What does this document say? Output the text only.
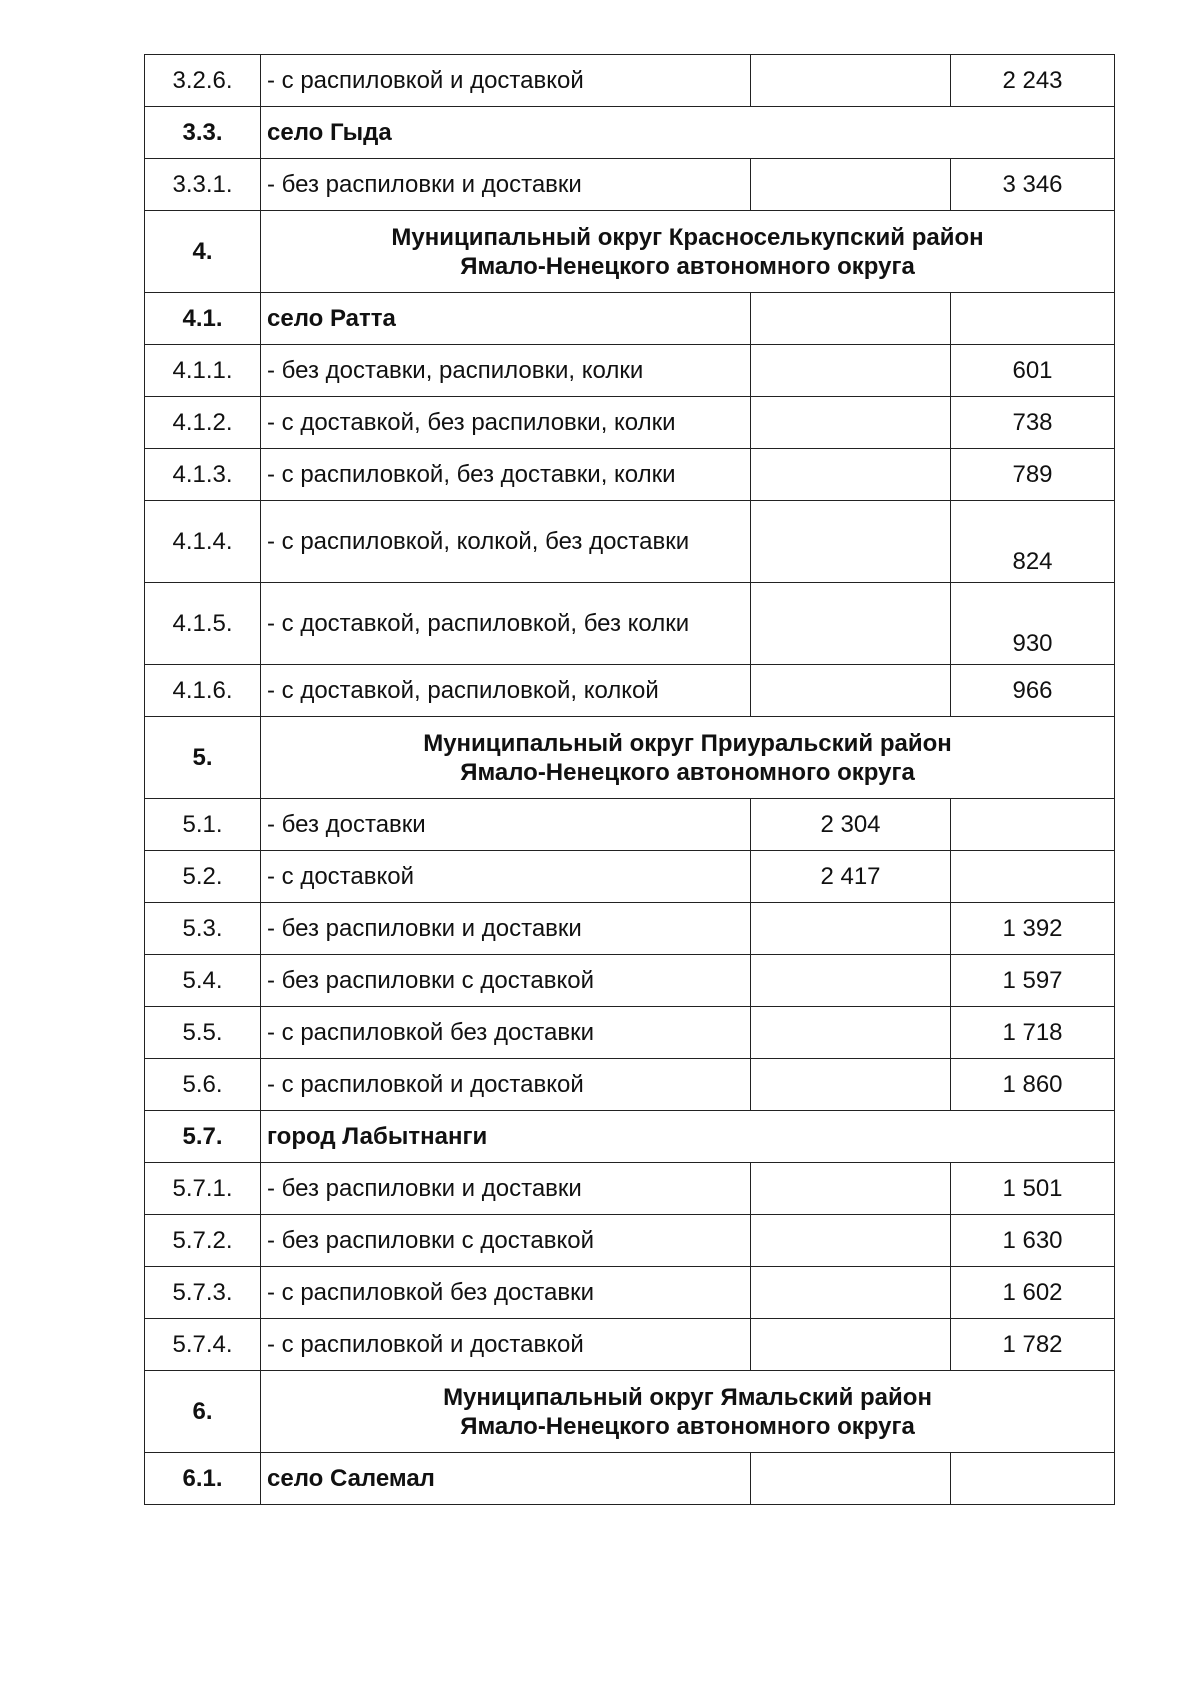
3.2.6.	- с распиловкой и доставкой		2 243
3.3.	село Гыда		
3.3.1.	- без распиловки и доставки		3 346
4.	Муниципальный округ Красноселькупский район
Ямало-Ненецкого автономного округа		

4.1.	село Ратта		
4.1.1.	- без доставки, распиловки, колки		601
4.1.2.	- с доставкой, без распиловки, колки		738
4.1.3.	- с распиловкой, без доставки, колки		789
4.1.4.	- с распиловкой, колкой, без доставки		824
4.1.5.	- с доставкой, распиловкой, без колки		930
4.1.6.	- с доставкой, распиловкой, колкой		966
5.	Муниципальный округ Приуральский район
Ямало-Ненецкого автономного округа		

5.1.	- без доставки	2 304	
5.2.	- с доставкой	2 417	
5.3.	- без распиловки и доставки		1 392
5.4.	- без распиловки с доставкой		1 597
5.5.	- с распиловкой без доставки		1 718
5.6.	- с распиловкой и доставкой		1 860
5.7.	город Лабытнанги		
5.7.1.	- без распиловки и доставки		1 501
5.7.2.	- без распиловки с доставкой		1 630
5.7.3.	- с распиловкой без доставки		1 602
5.7.4.	- с распиловкой и доставкой		1 782
6.	Муниципальный округ Ямальский район
Ямало-Ненецкого автономного округа		

6.1.	село Салемал		
